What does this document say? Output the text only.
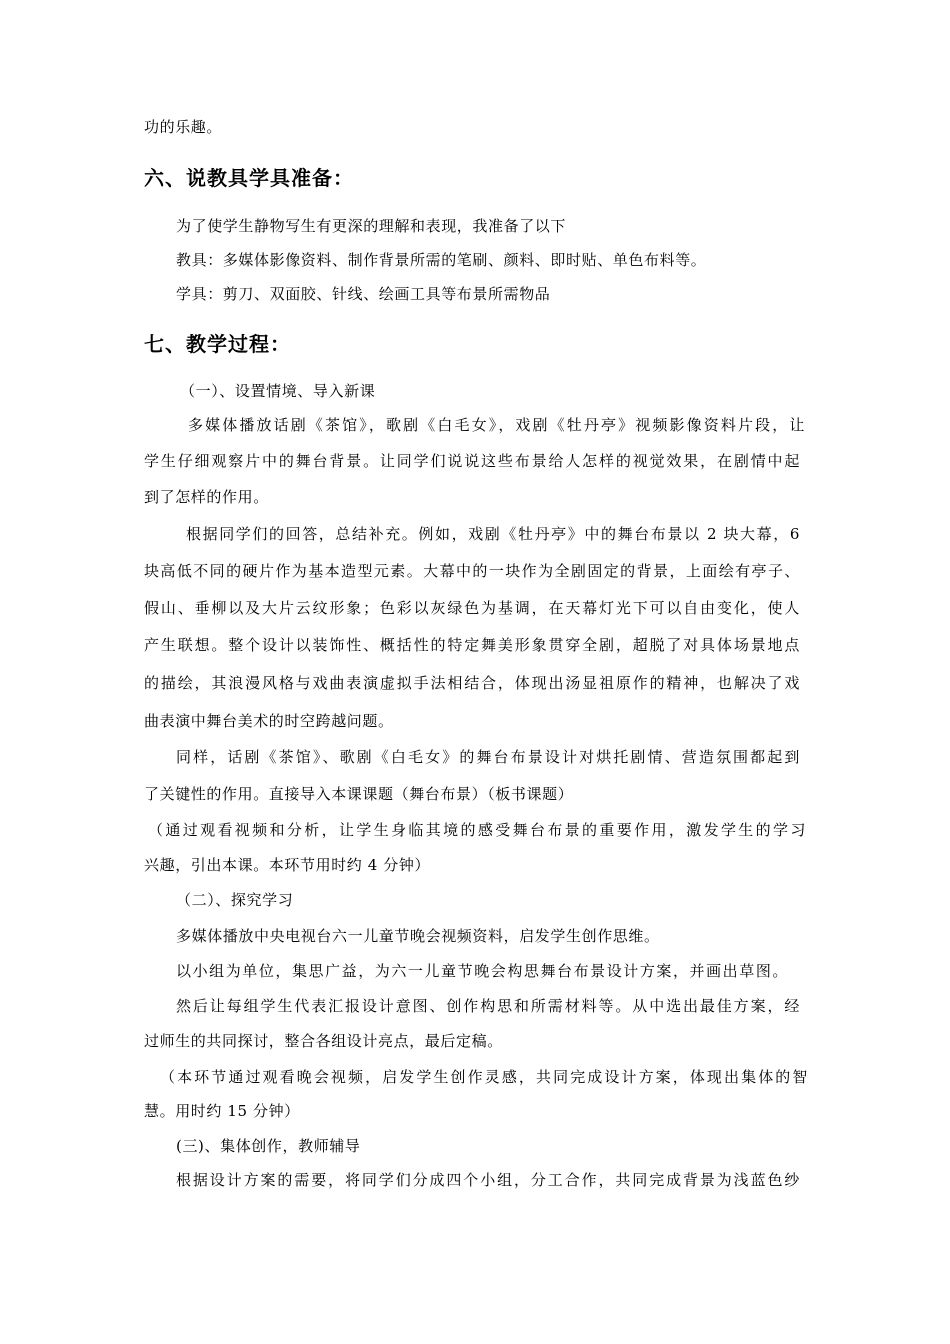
功的乐趣。

六、说教具学具准备：

为了使学生静物写生有更深的理解和表现，我准备了以下

教具：多媒体影像资料、制作背景所需的笔刷、颜料、即时贴、单色布料等。

学具：剪刀、双面胶、针线、绘画工具等布景所需物品

七、教学过程：

（一）、设置情境、导入新课

多媒体播放话剧《茶馆》，歌剧《白毛女》，戏剧《牡丹亭》视频影像资料片段，让

学生仔细观察片中的舞台背景。让同学们说说这些布景给人怎样的视觉效果，在剧情中起

到了怎样的作用。

根据同学们的回答，总结补充。例如，戏剧《牡丹亭》中的舞台布景以 2 块大幕，6

块高低不同的硬片作为基本造型元素。大幕中的一块作为全剧固定的背景，上面绘有亭子、

假山、垂柳以及大片云纹形象；色彩以灰绿色为基调，在天幕灯光下可以自由变化，使人

产生联想。整个设计以装饰性、概括性的特定舞美形象贯穿全剧，超脱了对具体场景地点

的描绘，其浪漫风格与戏曲表演虚拟手法相结合，体现出汤显祖原作的精神，也解决了戏

曲表演中舞台美术的时空跨越问题。

同样，话剧《茶馆》、歌剧《白毛女》的舞台布景设计对烘托剧情、营造氛围都起到

了关键性的作用。直接导入本课课题（舞台布景）（板书课题）

（通过观看视频和分析，让学生身临其境的感受舞台布景的重要作用，激发学生的学习

兴趣，引出本课。本环节用时约 4 分钟）

（二）、探究学习

多媒体播放中央电视台六一儿童节晚会视频资料，启发学生创作思维。

以小组为单位，集思广益，为六一儿童节晚会构思舞台布景设计方案，并画出草图。

然后让每组学生代表汇报设计意图、创作构思和所需材料等。从中选出最佳方案，经

过师生的共同探讨，整合各组设计亮点，最后定稿。

（本环节通过观看晚会视频，启发学生创作灵感，共同完成设计方案，体现出集体的智

慧。用时约 15 分钟）

(三)、集体创作，教师辅导

根据设计方案的需要，将同学们分成四个小组，分工合作，共同完成背景为浅蓝色纱
